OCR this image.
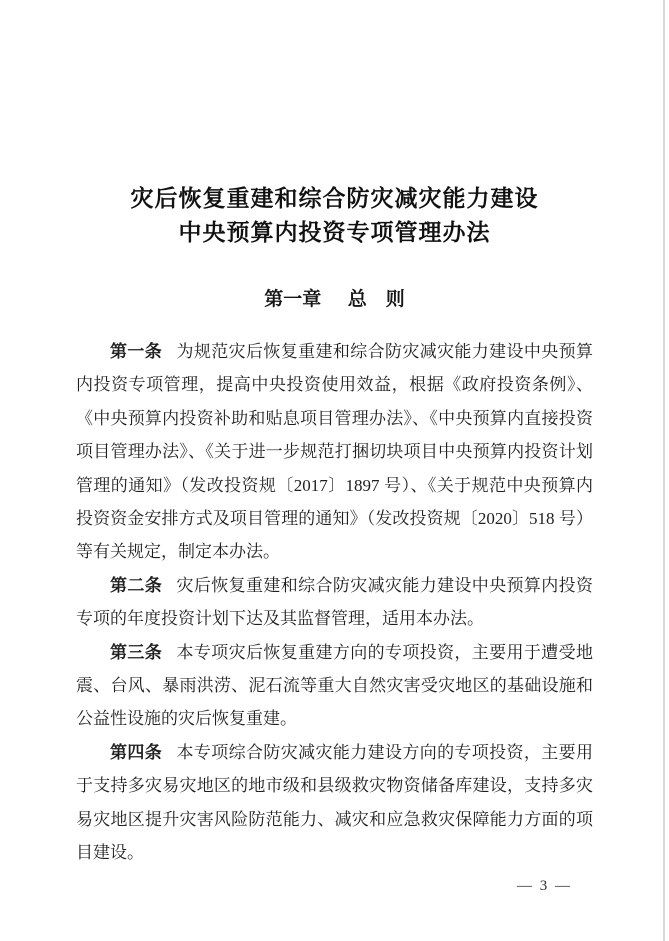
灾后恢复重建和综合防灾减灾能力建设
中央预算内投资专项管理办法
第一章 总　则

第一条 为规范灾后恢复重建和综合防灾减灾能力建设中央预算内投资专项管理，提高中央投资使用效益，根据《政府投资条例》、《中央预算内投资补助和贴息项目管理办法》、《中央预算内直接投资项目管理办法》、《关于进一步规范打捆切块项目中央预算内投资计划管理的通知》（发改投资规〔2017〕1897 号）、《关于规范中央预算内投资资金安排方式及项目管理的通知》（发改投资规〔2020〕518 号）等有关规定，制定本办法。

第二条 灾后恢复重建和综合防灾减灾能力建设中央预算内投资专项的年度投资计划下达及其监督管理，适用本办法。

第三条 本专项灾后恢复重建方向的专项投资，主要用于遭受地震、台风、暴雨洪涝、泥石流等重大自然灾害受灾地区的基础设施和公益性设施的灾后恢复重建。

第四条 本专项综合防灾减灾能力建设方向的专项投资，主要用于支持多灾易灾地区的地市级和县级救灾物资储备库建设，支持多灾易灾地区提升灾害风险防范能力、减灾和应急救灾保障能力方面的项目建设。

— 3 —
